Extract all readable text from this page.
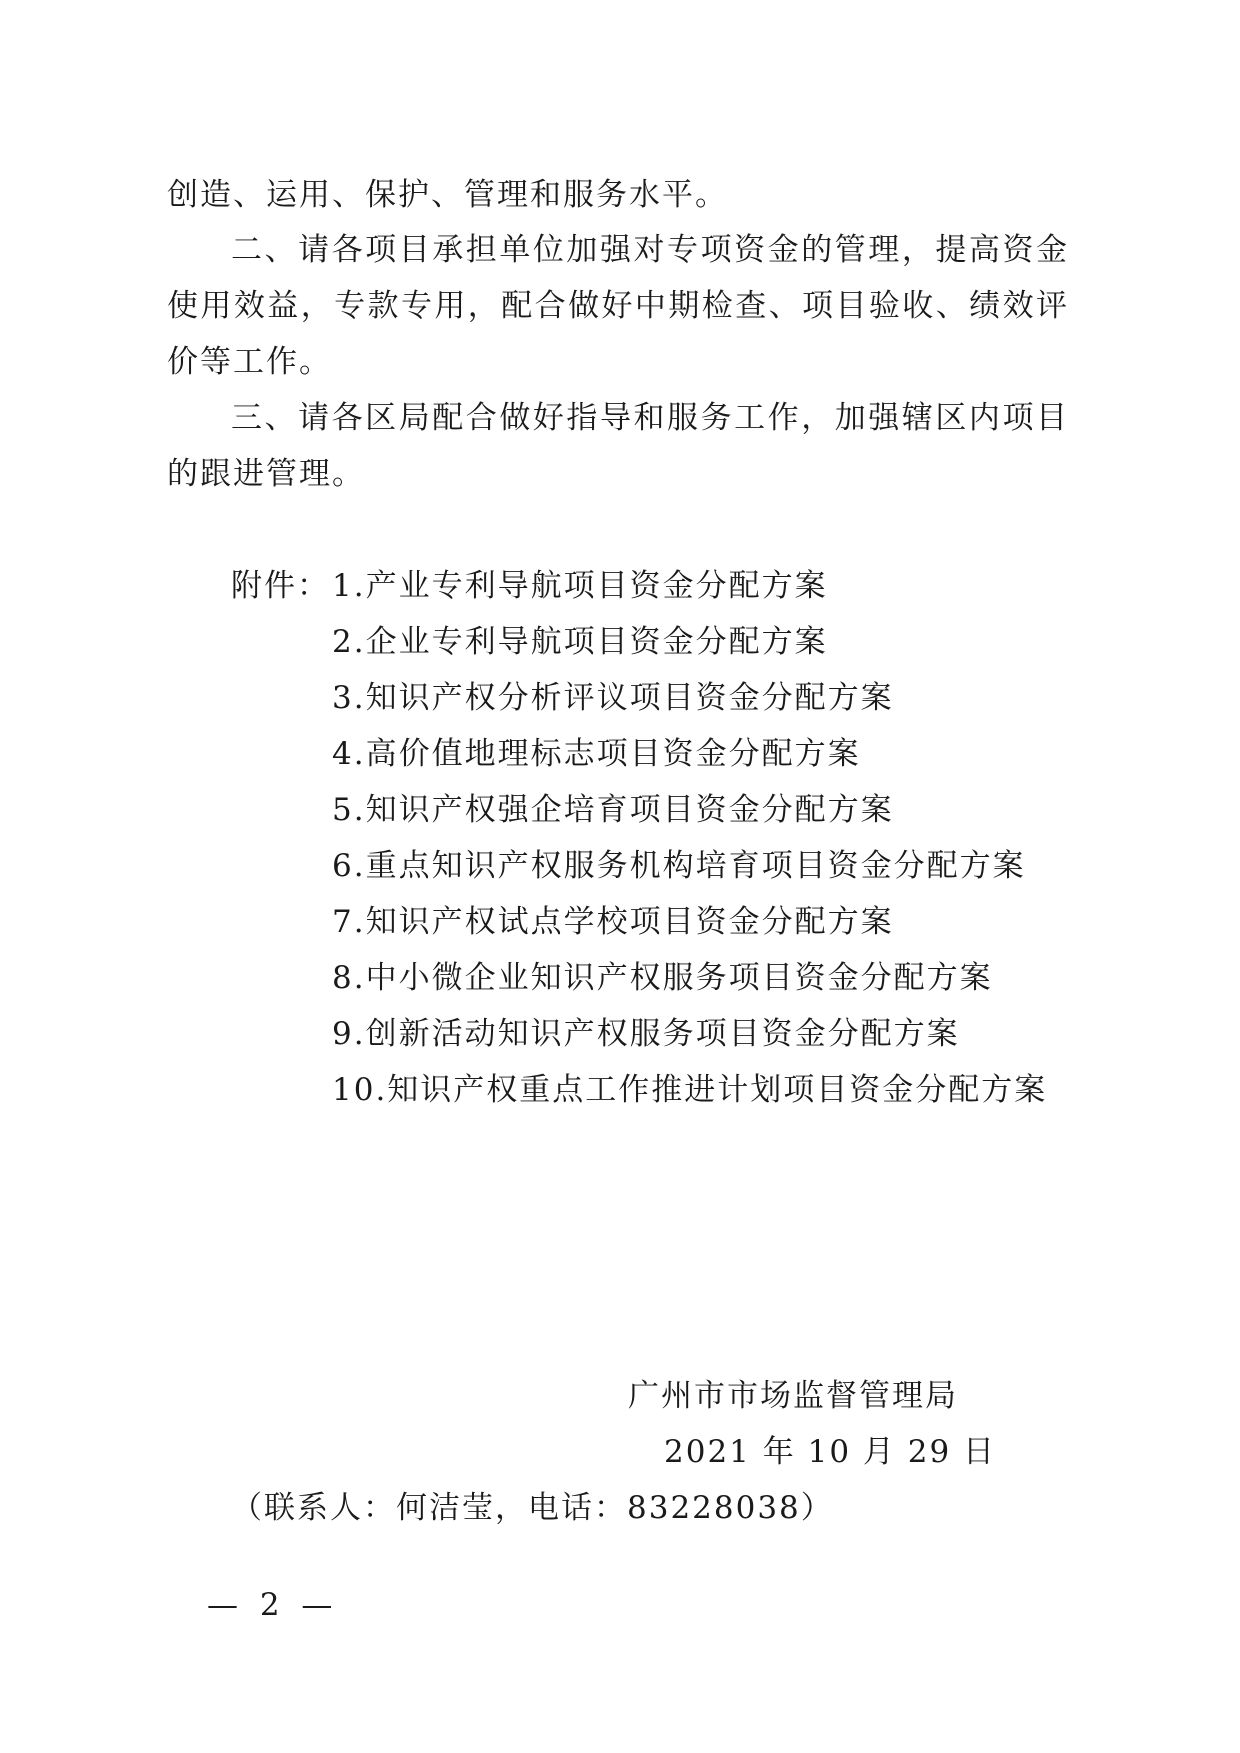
创造、运用、保护、管理和服务水平。
二、请各项目承担单位加强对专项资金的管理，提高资金
使用效益，专款专用，配合做好中期检查、项目验收、绩效评
价等工作。
三、请各区局配合做好指导和服务工作，加强辖区内项目
的跟进管理。
附件： 1.产业专利导航项目资金分配方案
2.企业专利导航项目资金分配方案
3.知识产权分析评议项目资金分配方案
4.高价值地理标志项目资金分配方案
5.知识产权强企培育项目资金分配方案
6.重点知识产权服务机构培育项目资金分配方案
7.知识产权试点学校项目资金分配方案
8.中小微企业知识产权服务项目资金分配方案
9.创新活动知识产权服务项目资金分配方案
10.知识产权重点工作推进计划项目资金分配方案
广州市市场监督管理局
2021 年 10 月 29 日
（联系人：何洁莹，电话：83228038）
— 2 —
